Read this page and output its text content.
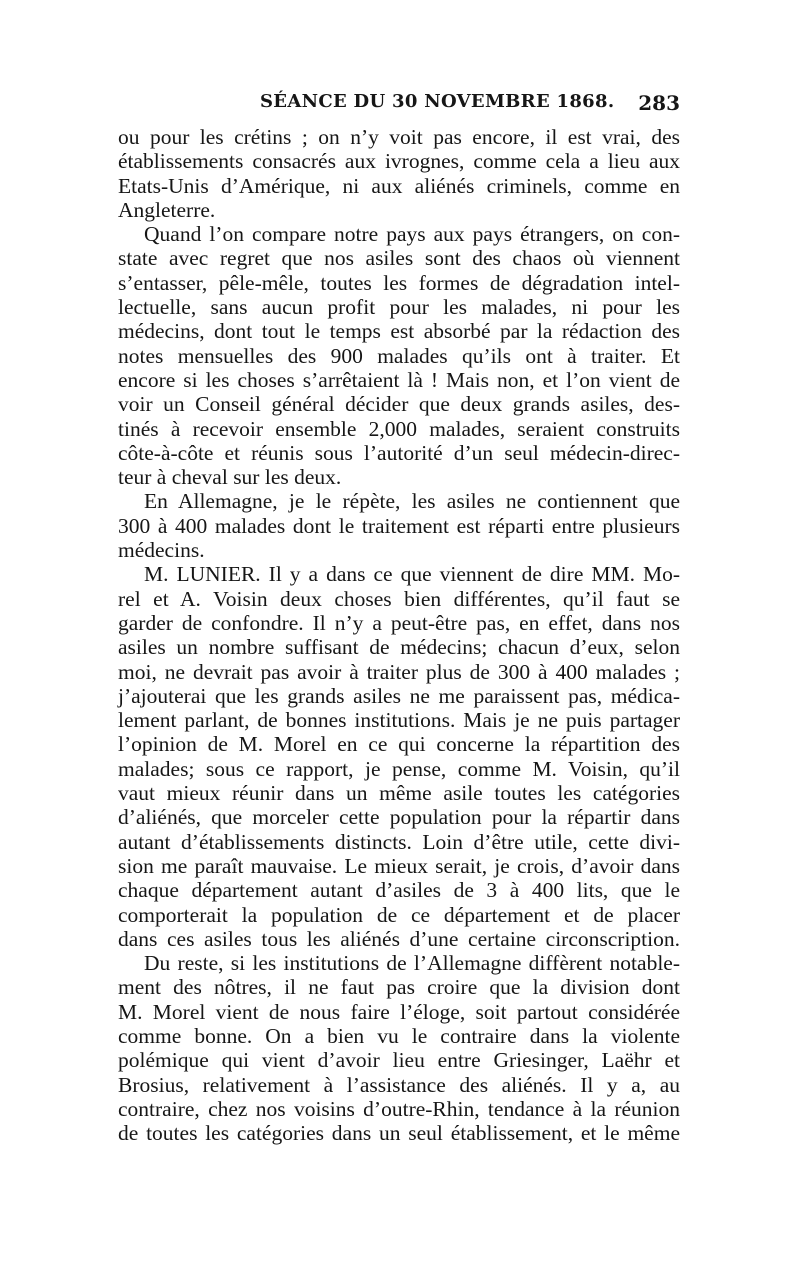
SÉANCE DU 30 NOVEMBRE 1868. 283
ou pour les crétins ; on n’y voit pas encore, il est vrai, des
établissements consacrés aux ivrognes, comme cela a lieu aux
Etats-Unis d’Amérique, ni aux aliénés criminels, comme en
Angleterre.
Quand l’on compare notre pays aux pays étrangers, on con-
state avec regret que nos asiles sont des chaos où viennent
s’entasser, pêle-mêle, toutes les formes de dégradation intel-
lectuelle, sans aucun profit pour les malades, ni pour les
médecins, dont tout le temps est absorbé par la rédaction des
notes mensuelles des 900 malades qu’ils ont à traiter. Et
encore si les choses s’arrêtaient là ! Mais non, et l’on vient de
voir un Conseil général décider que deux grands asiles, des-
tinés à recevoir ensemble 2,000 malades, seraient construits
côte-à-côte et réunis sous l’autorité d’un seul médecin-direc-
teur à cheval sur les deux.
En Allemagne, je le répète, les asiles ne contiennent que
300 à 400 malades dont le traitement est réparti entre plusieurs
médecins.
M. LUNIER. Il y a dans ce que viennent de dire MM. Mo-
rel et A. Voisin deux choses bien différentes, qu’il faut se
garder de confondre. Il n’y a peut-être pas, en effet, dans nos
asiles un nombre suffisant de médecins; chacun d’eux, selon
moi, ne devrait pas avoir à traiter plus de 300 à 400 malades ;
j’ajouterai que les grands asiles ne me paraissent pas, médica-
lement parlant, de bonnes institutions. Mais je ne puis partager
l’opinion de M. Morel en ce qui concerne la répartition des
malades; sous ce rapport, je pense, comme M. Voisin, qu’il
vaut mieux réunir dans un même asile toutes les catégories
d’aliénés, que morceler cette population pour la répartir dans
autant d’établissements distincts. Loin d’être utile, cette divi-
sion me paraît mauvaise. Le mieux serait, je crois, d’avoir dans
chaque département autant d’asiles de 3 à 400 lits, que le
comporterait la population de ce département et de placer
dans ces asiles tous les aliénés d’une certaine circonscription.
Du reste, si les institutions de l’Allemagne diffèrent notable-
ment des nôtres, il ne faut pas croire que la division dont
M. Morel vient de nous faire l’éloge, soit partout considérée
comme bonne. On a bien vu le contraire dans la violente
polémique qui vient d’avoir lieu entre Griesinger, Laëhr et
Brosius, relativement à l’assistance des aliénés. Il y a, au
contraire, chez nos voisins d’outre-Rhin, tendance à la réunion
de toutes les catégories dans un seul établissement, et le même
